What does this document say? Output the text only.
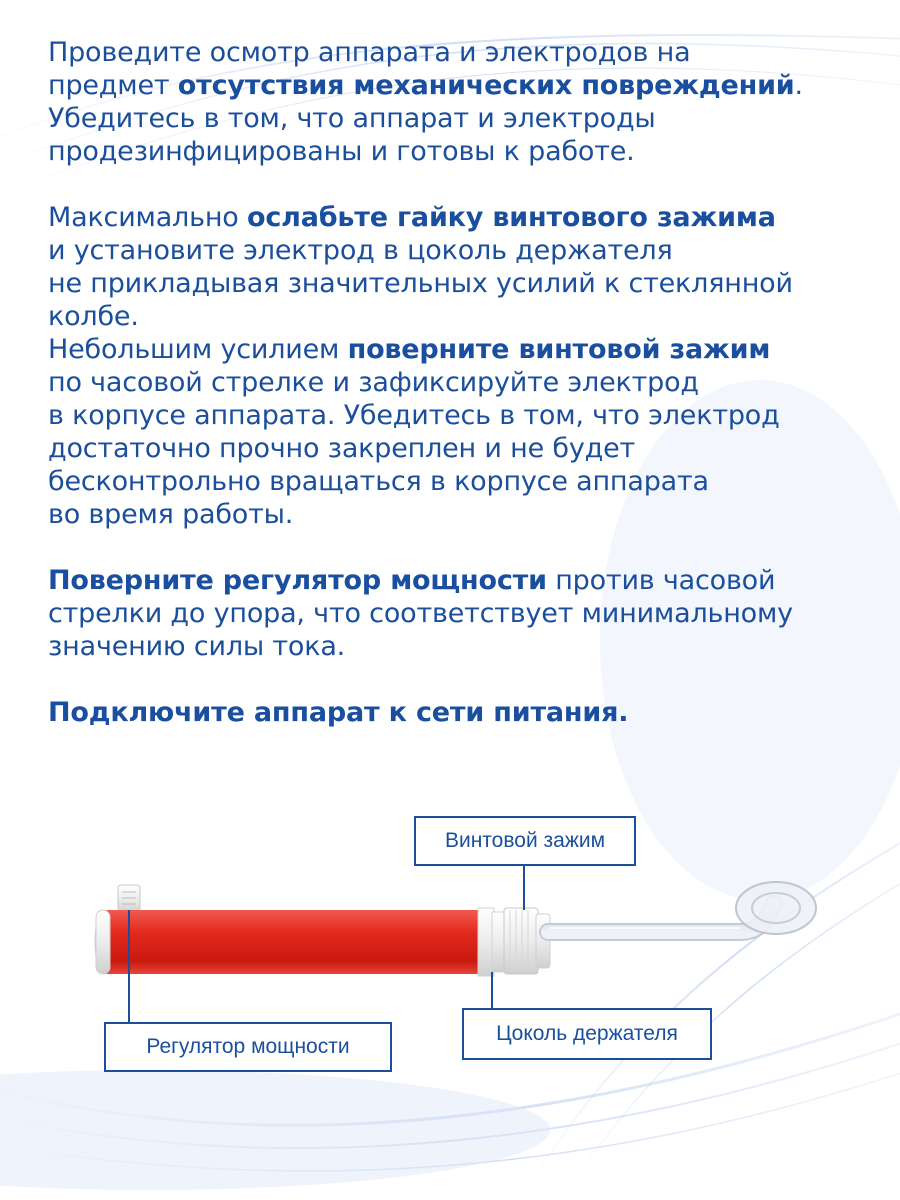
Проведите осмотр аппарата и электродов на
предмет отсутствия механических повреждений.
Убедитесь в том, что аппарат и электроды
продезинфицированы и готовы к работе.

Максимально ослабьте гайку винтового зажима
и установите электрод в цоколь держателя
не прикладывая значительных усилий к стеклянной
колбе.
Небольшим усилием поверните винтовой зажим
по часовой стрелке и зафиксируйте электрод
в корпусе аппарата. Убедитесь в том, что электрод
достаточно прочно закреплен и не будет
бесконтрольно вращаться в корпусе аппарата
во время работы.

Поверните регулятор мощности против часовой
стрелки до упора, что соответствует минимальному
значению силы тока.

Подключите аппарат к сети питания.

Винтовой зажим
Регулятор мощности
Цоколь держателя
